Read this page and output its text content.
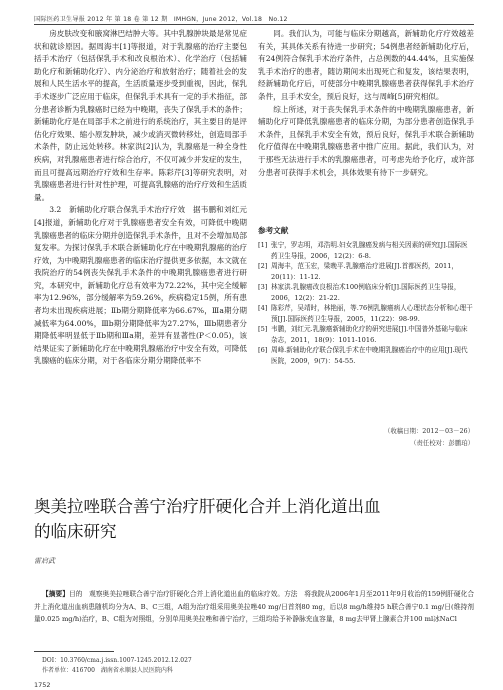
国际医药卫生导报 2012 年 第 18 卷 第 12 期　IMHGN，June 2012，Vol.18　No.12

房皮肤改变和腋窝淋巴结肿大等。其中乳腺肿块最是常见症状和就诊原因。据周海丰[1]等报道，对于乳腺癌的治疗主要包括手术治疗（包括保乳手术和改良根治术）、化学治疗（包括辅助化疗和新辅助化疗）、内分泌治疗和放射治疗；随着社会的发展和人民生活水平的提高，生活质量逐步受到重视，因此，保乳手术逐步广泛应用于临床，但保乳手术具有一定的手术指征，部分患者诊断为乳腺癌时已经为中晚期，丧失了保乳手术的条件；新辅助化疗是在局部手术之前进行的系统治疗，其主要目的是评估化疗效果、缩小原发肿块，减少或消灭微转移灶，创造局部手术条件，防止远处转移。林家洪[2]认为，乳腺癌是一种全身性疾病，对乳腺癌患者进行综合治疗，不仅可减少并发症的发生，而且可提高远期治疗疗效和生存率。陈彩芹[3]等研究表明，对乳腺癌患者进行针对性护理，可提高乳腺癌的治疗疗效和生活质量。

3.2　新辅助化疗联合保乳手术治疗疗效　据韦鹏和刘红元[4]报道，新辅助化疗对于乳腺癌患者安全有效，可降低中晚期乳腺癌患者的临床分期并创造保乳手术条件，且对不会增加局部复发率。为探讨保乳手术联合新辅助化疗在中晚期乳腺癌的治疗疗效，为中晚期乳腺癌患者的临床治疗提供更多依据，本文就在我院治疗的54例丧失保乳手术条件的中晚期乳腺癌患者进行研究，本研究中，新辅助化疗总有效率为72.22%，其中完全缓解率为12.96%，部分缓解率为59.26%，疾病稳定15例，所有患者均未出现疾病进展；Ⅱb期分期降低率为66.67%，Ⅲa期分期减低率为64.00%，Ⅲb期分期降低率为27.27%，Ⅲb期患者分期降低率明显低于Ⅱb期和Ⅲa期，差异有显著性(P＜0.05)，该结果证实了新辅助化疗在中晚期乳腺癌治疗中安全有效，可降低乳腺癌的临床分期，对于各临床分期分期降低率不

同。我们认为，可能与临床分期越高，新辅助化疗疗效越差有关，其具体关系有待进一步研究；54例患者经新辅助化疗后，有24例符合保乳手术治疗条件，占总例数的44.44%，且实施保乳手术治疗的患者，随访期间未出现死亡和复发，该结果表明，经新辅助化疗后，可使部分中晚期乳腺癌患者获得保乳手术治疗条件，且手术安全，预后良好，这与周峰[5]研究相似。

综上所述，对于丧失保乳手术条件的中晚期乳腺癌患者，新辅助化疗可降低乳腺癌患者的临床分期，为部分患者创造保乳手术条件，且保乳手术安全有效，预后良好，保乳手术联合新辅助化疗值得在中晚期乳腺癌患者中推广应用。据此，我们认为，对于那些无法进行手术的乳腺癌患者，可考虑先给予化疗，或许部分患者可获得手术机会，具体效果有待下一步研究。

参考文献
[1] 张宁，罗志明，邓浩明.妇女乳腺癌发病与相关因素的研究[J].国际医药卫生导报，2006，12(2)：6-8.
[2] 周海丰，范玉宏，梁晚平.乳腺癌治疗进展[J].首都医药，2011，20(11)：11-12.
[3] 林家洪.乳腺癌改良根治术100例临床分析[J].国际医药卫生导报，2006，12(2)：21-22.
[4] 陈彩芹，吴靖时，林艳丽，等.76例乳腺癌病人心理状态分析和心理干预[J].国际医药卫生导报，2005，11(22)：98-99.
[5] 韦鹏，刘红元.乳腺癌新辅助化疗的研究进展[J].中国普外基础与临床杂志，2011，18(9)：1011-1016.
[6] 周峰.新辅助化疗联合保乳手术在中晚期乳腺癌治疗中的应用[J].现代医院，2009，9(7)：54-55.
（收稿日期：2012－03－26）
（责任校对：彭鹏珀）
奥美拉唑联合善宁治疗肝硬化合并上消化道出血
的临床研究
雷启武
【摘要】目的　观察奥美拉唑联合善宁治疗肝硬化合并上消化道出血的临床疗效。方法　将我院从2006年1月至2011年9月收治的159例肝硬化合并上消化道出血病患随机均分为A、B、C三组，A组为治疗组采用奥美拉唑40 mg/日首剂80 mg，后以8 mg/h维持5 h联合善宁0.1 mg/日(维持剂量0.025 mg/h)治疗，B、C组为对照组，分别单用奥美拉唑和善宁治疗，三组均给予补静脉充血容量，8 mg去甲肾上腺素合并100 ml冰NaCl
DOI：10.3760/cma.j.issn.1007-1245.2012.12.027
作者单位：416700　湖南省永顺县人民医院内科
1752
